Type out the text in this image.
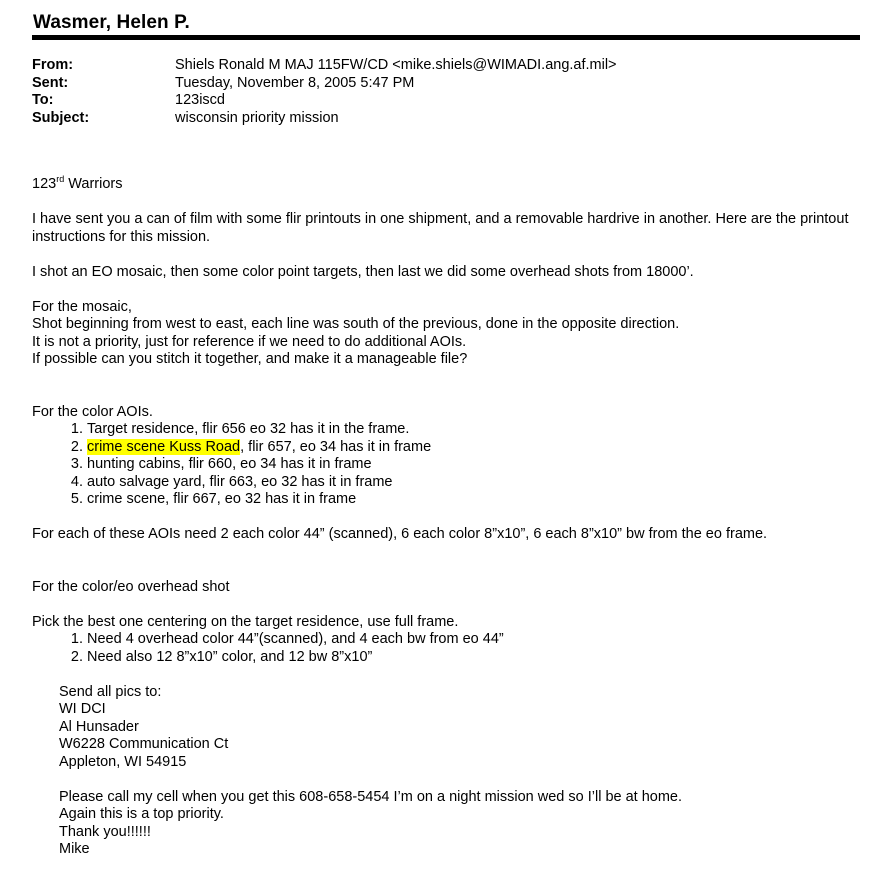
Wasmer, Helen P.
From:	Shiels Ronald M MAJ 115FW/CD <mike.shiels@WIMADI.ang.af.mil>
Sent:	Tuesday, November 8, 2005 5:47 PM
To:	123iscd
Subject:	wisconsin priority mission

123rd Warriors

I have sent you a can of film with some flir printouts in one shipment, and a removable hardrive in another. Here are the printout instructions for this mission.

I shot an EO mosaic, then some color point targets, then last we did some overhead shots from 18000’.

For the mosaic,

Shot beginning from west to east, each line was south of the previous, done in the opposite direction.

It is not a priority, just for reference if we need to do additional AOIs.

If possible can you stitch it together, and make it a manageable file?

For the color AOIs.

1. Target residence, flir 656 eo 32 has it in the frame.
2. crime scene Kuss Road, flir 657, eo 34 has it in frame
3. hunting cabins, flir 660, eo 34 has it in frame
4. auto salvage yard, flir 663, eo 32 has it in frame
5. crime scene, flir 667, eo 32 has it in frame

For each of these AOIs need 2 each color 44” (scanned), 6 each color 8”x10”, 6 each 8”x10” bw from the eo frame.

For the color/eo overhead shot

Pick the best one centering on the target residence, use full frame.

1. Need 4 overhead color 44”(scanned), and 4 each bw from eo 44”
2. Need also 12 8”x10” color, and 12 bw 8”x10”

Send all pics to:

WI DCI

Al Hunsader

W6228 Communication Ct

Appleton, WI 54915

Please call my cell when you get this 608-658-5454 I’m on a night mission wed so I’ll be at home.

Again this is a top priority.

Thank you!!!!!!

Mike
